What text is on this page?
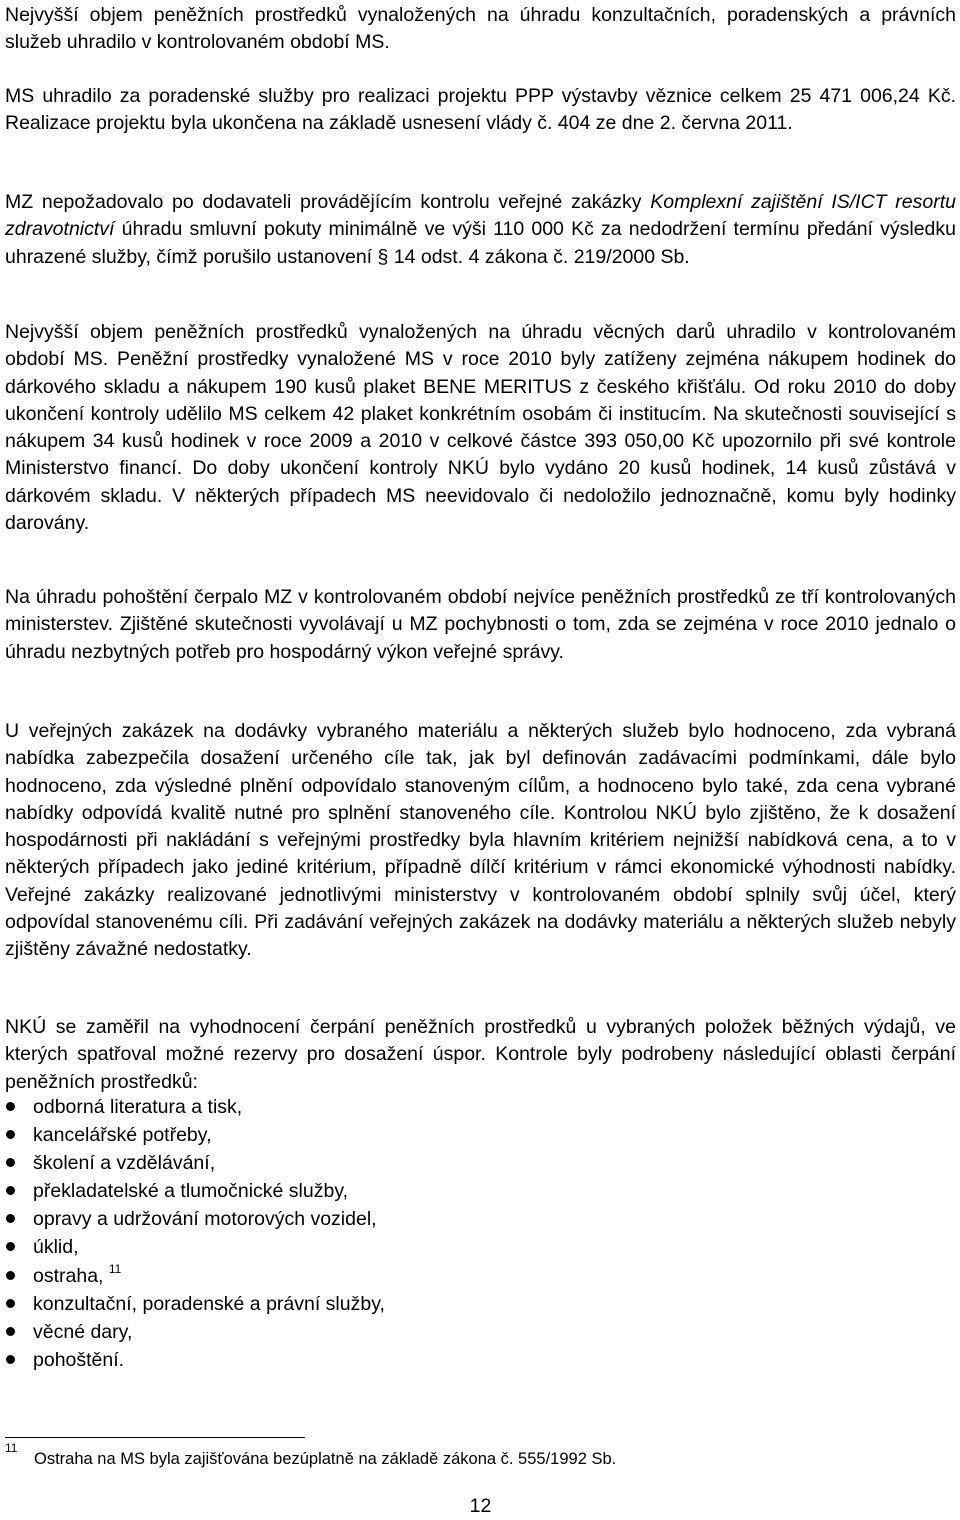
Nejvyšší objem peněžních prostředků vynaložených na úhradu konzultačních, poradenských a právních služeb uhradilo v kontrolovaném období MS.

MS uhradilo za poradenské služby pro realizaci projektu PPP výstavby věznice celkem 25 471 006,24 Kč. Realizace projektu byla ukončena na základě usnesení vlády č. 404 ze dne 2. června 2011.

MZ nepožadovalo po dodavateli provádějícím kontrolu veřejné zakázky Komplexní zajištění IS/ICT resortu zdravotnictví úhradu smluvní pokuty minimálně ve výši 110 000 Kč za nedodržení termínu předání výsledku uhrazené služby, čímž porušilo ustanovení § 14 odst. 4 zákona č. 219/2000 Sb.

Nejvyšší objem peněžních prostředků vynaložených na úhradu věcných darů uhradilo v kontrolovaném období MS. Peněžní prostředky vynaložené MS v roce 2010 byly zatíženy zejména nákupem hodinek do dárkového skladu a nákupem 190 kusů plaket BENE MERITUS z českého křišťálu. Od roku 2010 do doby ukončení kontroly udělilo MS celkem 42 plaket konkrétním osobám či institucím. Na skutečnosti související s nákupem 34 kusů hodinek v roce 2009 a 2010 v celkové částce 393 050,00 Kč upozornilo při své kontrole Ministerstvo financí. Do doby ukončení kontroly NKÚ bylo vydáno 20 kusů hodinek, 14 kusů zůstává v dárkovém skladu. V některých případech MS neevidovalo či nedoložilo jednoznačně, komu byly hodinky darovány.

Na úhradu pohoštění čerpalo MZ v kontrolovaném období nejvíce peněžních prostředků ze tří kontrolovaných ministerstev. Zjištěné skutečnosti vyvolávají u MZ pochybnosti o tom, zda se zejména v roce 2010 jednalo o úhradu nezbytných potřeb pro hospodárný výkon veřejné správy.

U veřejných zakázek na dodávky vybraného materiálu a některých služeb bylo hodnoceno, zda vybraná nabídka zabezpečila dosažení určeného cíle tak, jak byl definován zadávacími podmínkami, dále bylo hodnoceno, zda výsledné plnění odpovídalo stanoveným cílům, a hodnoceno bylo také, zda cena vybrané nabídky odpovídá kvalitě nutné pro splnění stanoveného cíle. Kontrolou NKÚ bylo zjištěno, že k dosažení hospodárnosti při nakládání s veřejnými prostředky byla hlavním kritériem nejnižší nabídková cena, a to v některých případech jako jediné kritérium, případně dílčí kritérium v rámci ekonomické výhodnosti nabídky. Veřejné zakázky realizované jednotlivými ministerstvy v kontrolovaném období splnily svůj účel, který odpovídal stanovenému cíli. Při zadávání veřejných zakázek na dodávky materiálu a některých služeb nebyly zjištěny závažné nedostatky.

NKÚ se zaměřil na vyhodnocení čerpání peněžních prostředků u vybraných položek běžných výdajů, ve kterých spatřoval možné rezervy pro dosažení úspor. Kontrole byly podrobeny následující oblasti čerpání peněžních prostředků:

odborná literatura a tisk,
kancelářské potřeby,
školení a vzdělávání,
překladatelské a tlumočnické služby,
opravy a udržování motorových vozidel,
úklid,
ostraha, $^{11}$
konzultační, poradenské a právní služby,
věcné dary,
pohoštění.
11
Ostraha na MS byla zajišťována bezúplatně na základě zákona č. 555/1992 Sb.
12
